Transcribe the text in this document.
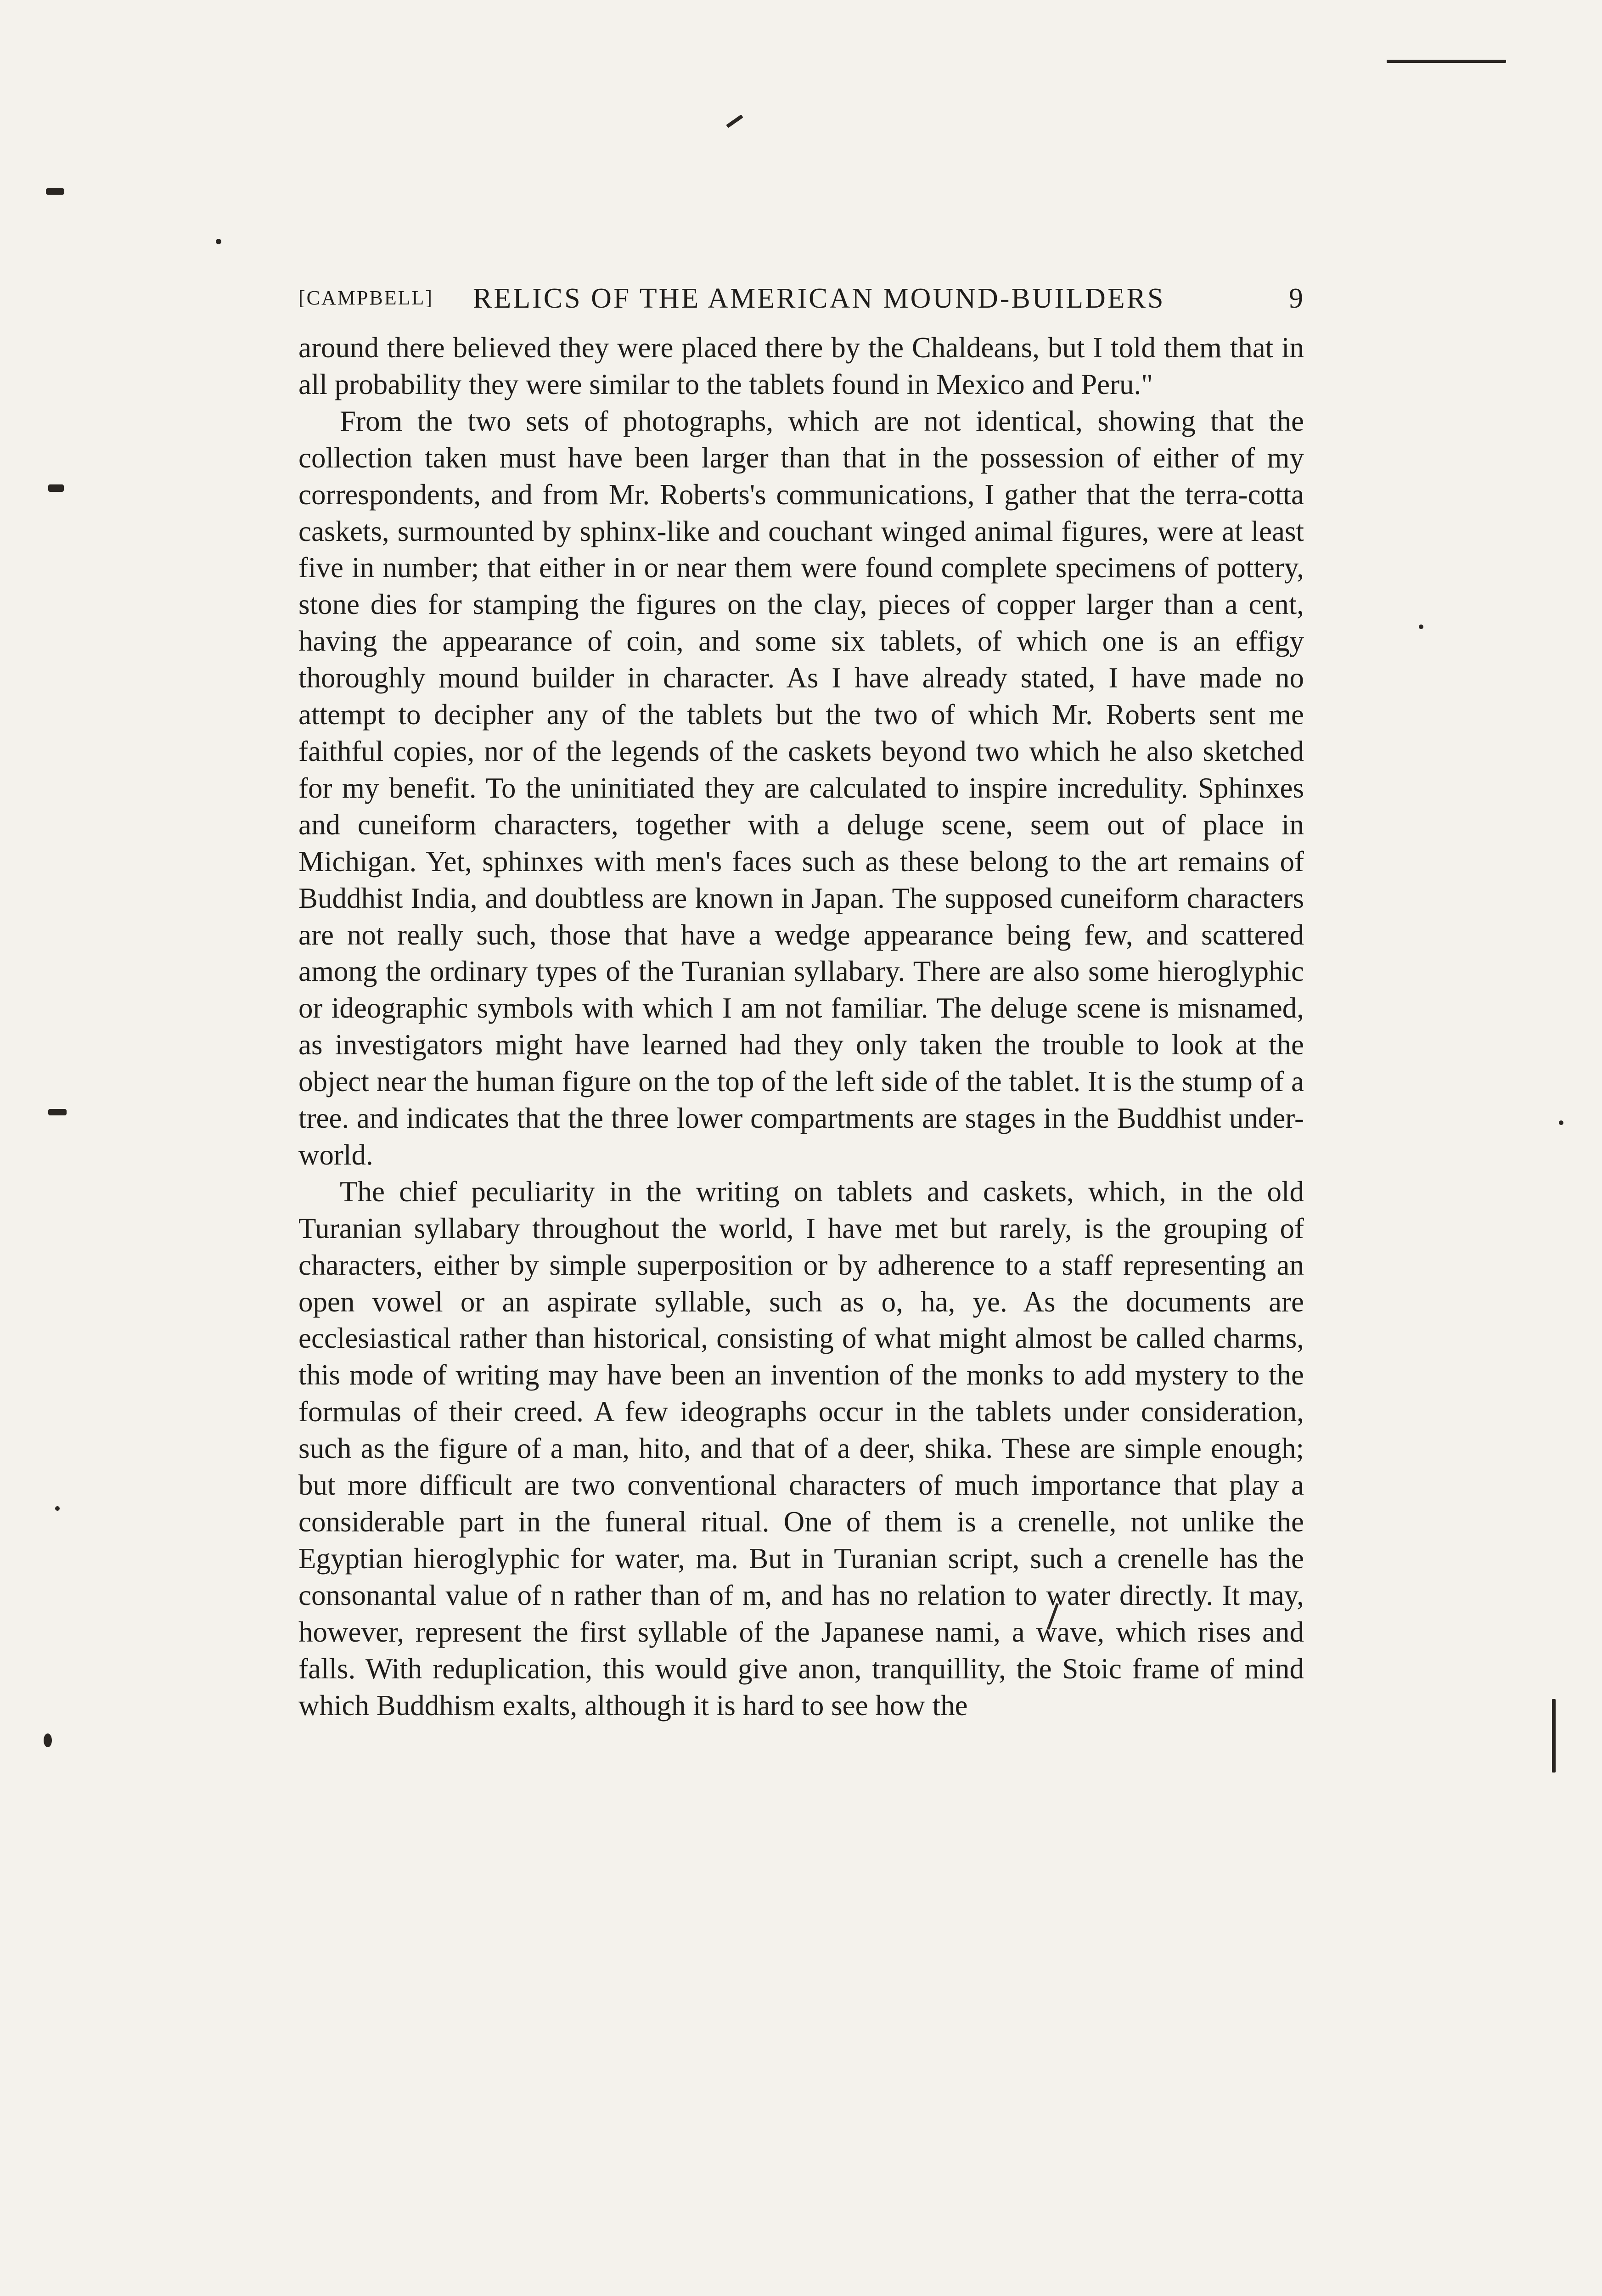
[CAMPBELL] RELICS OF THE AMERICAN MOUND-BUILDERS	9

around there believed they were placed there by the Chaldeans, but I told them that in all probability they were similar to the tablets found in Mexico and Peru."

From the two sets of photographs, which are not identical, showing that the collection taken must have been larger than that in the possession of either of my correspondents, and from Mr. Roberts's communications, I gather that the terra-cotta caskets, surmounted by sphinx-like and couchant winged animal figures, were at least five in number; that either in or near them were found complete specimens of pottery, stone dies for stamping the figures on the clay, pieces of copper larger than a cent, having the appearance of coin, and some six tablets, of which one is an effigy thoroughly mound builder in character. As I have already stated, I have made no attempt to decipher any of the tablets but the two of which Mr. Roberts sent me faithful copies, nor of the legends of the caskets beyond two which he also sketched for my benefit. To the uninitiated they are calculated to inspire incredulity. Sphinxes and cuneiform characters, together with a deluge scene, seem out of place in Michigan. Yet, sphinxes with men's faces such as these belong to the art remains of Buddhist India, and doubtless are known in Japan. The supposed cuneiform characters are not really such, those that have a wedge appearance being few, and scattered among the ordinary types of the Turanian syllabary. There are also some hieroglyphic or ideographic symbols with which I am not familiar. The deluge scene is misnamed, as investigators might have learned had they only taken the trouble to look at the object near the human figure on the top of the left side of the tablet. It is the stump of a tree. and indicates that the three lower compartments are stages in the Buddhist under-world.

The chief peculiarity in the writing on tablets and caskets, which, in the old Turanian syllabary throughout the world, I have met but rarely, is the grouping of characters, either by simple superposition or by adherence to a staff representing an open vowel or an aspirate syllable, such as o, ha, ye. As the documents are ecclesiastical rather than historical, consisting of what might almost be called charms, this mode of writing may have been an invention of the monks to add mystery to the formulas of their creed. A few ideographs occur in the tablets under consideration, such as the figure of a man, hito, and that of a deer, shika. These are simple enough; but more difficult are two conventional characters of much importance that play a considerable part in the funeral ritual. One of them is a crenelle, not unlike the Egyptian hieroglyphic for water, ma. But in Turanian script, such a crenelle has the consonantal value of n rather than of m, and has no relation to water directly. It may, however, represent the first syllable of the Japanese nami, a wave, which rises and falls. With reduplication, this would give anon, tranquillity, the Stoic frame of mind which Buddhism exalts, although it is hard to see how the
